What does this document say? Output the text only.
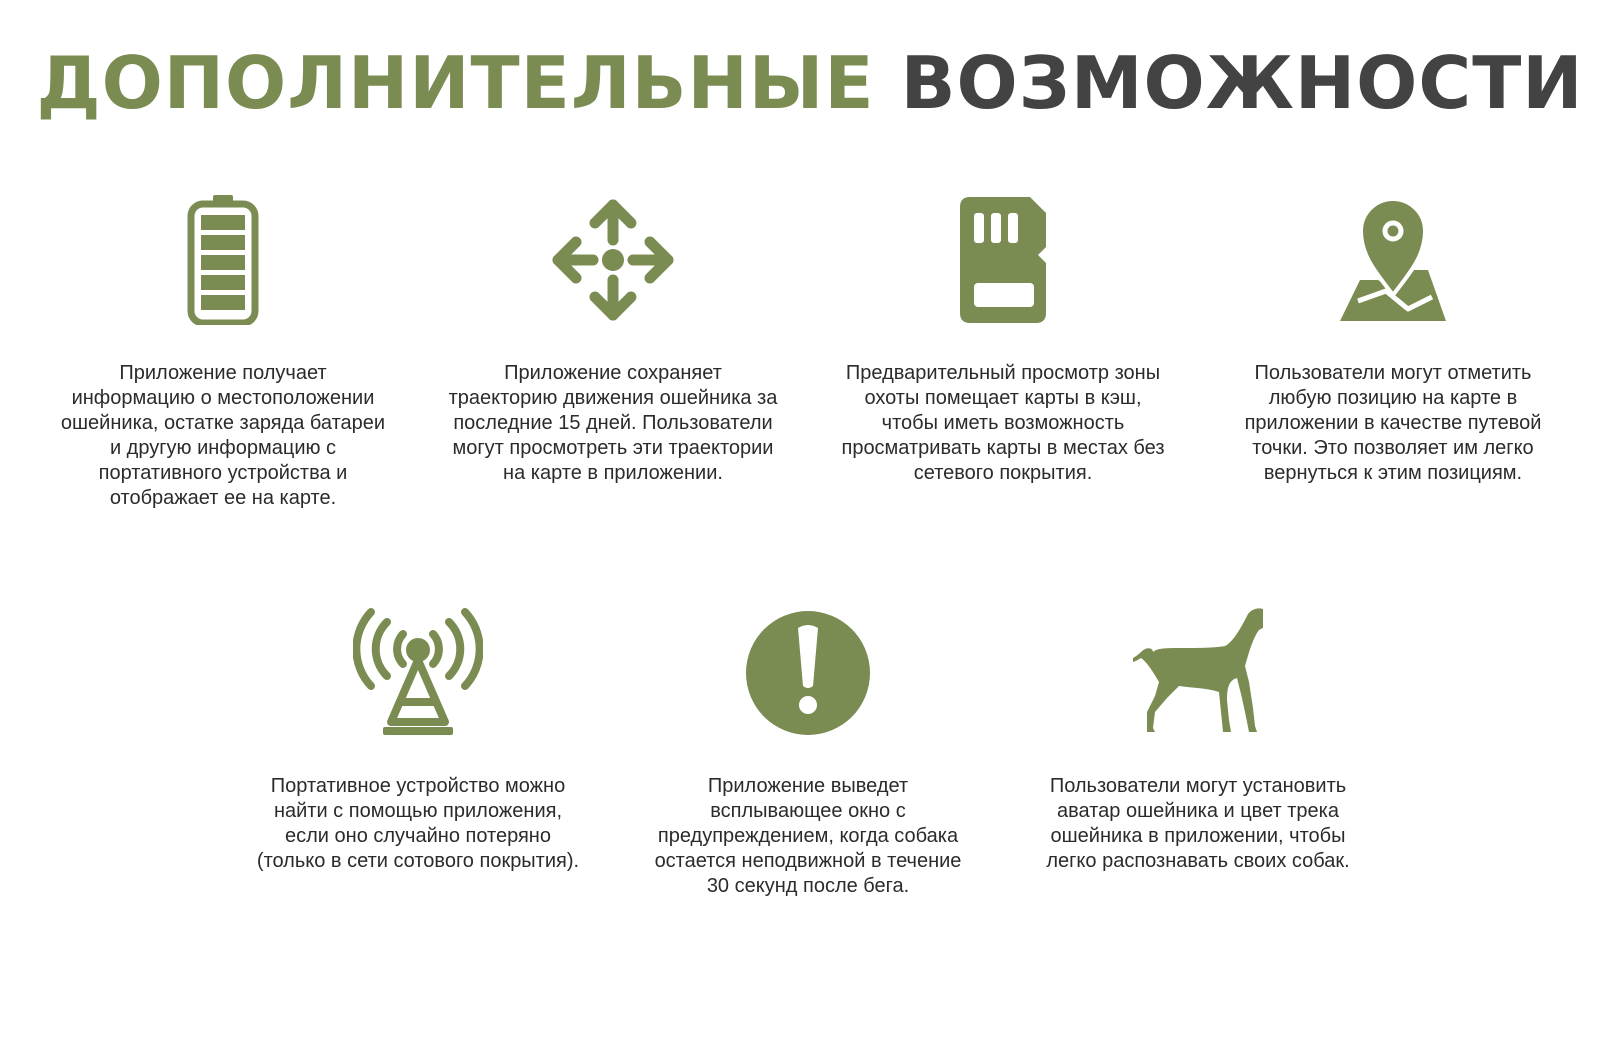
ДОПОЛНИТЕЛЬНЫЕ ВОЗМОЖНОСТИ
Приложение получает информацию о местоположении ошейника, остатке заряда батареи и другую информацию с портативного устройства и отображает ее на карте.
Приложение сохраняет траекторию движения ошейника за последние 15 дней. Пользователи могут просмотреть эти траектории на карте в приложении.
Предварительный просмотр зоны охоты помещает карты в кэш, чтобы иметь возможность просматривать карты в местах без сетевого покрытия.
Пользователи могут отметить любую позицию на карте в приложении в качестве путевой точки. Это позволяет им легко вернуться к этим позициям.
Портативное устройство можно найти с помощью приложения, если оно случайно потеряно (только в сети сотового покрытия).
Приложение выведет всплывающее окно с предупреждением, когда собака остается неподвижной в течение 30 секунд после бега.
Пользователи могут установить аватар ошейника и цвет трека ошейника в приложении, чтобы легко распознавать своих собак.
